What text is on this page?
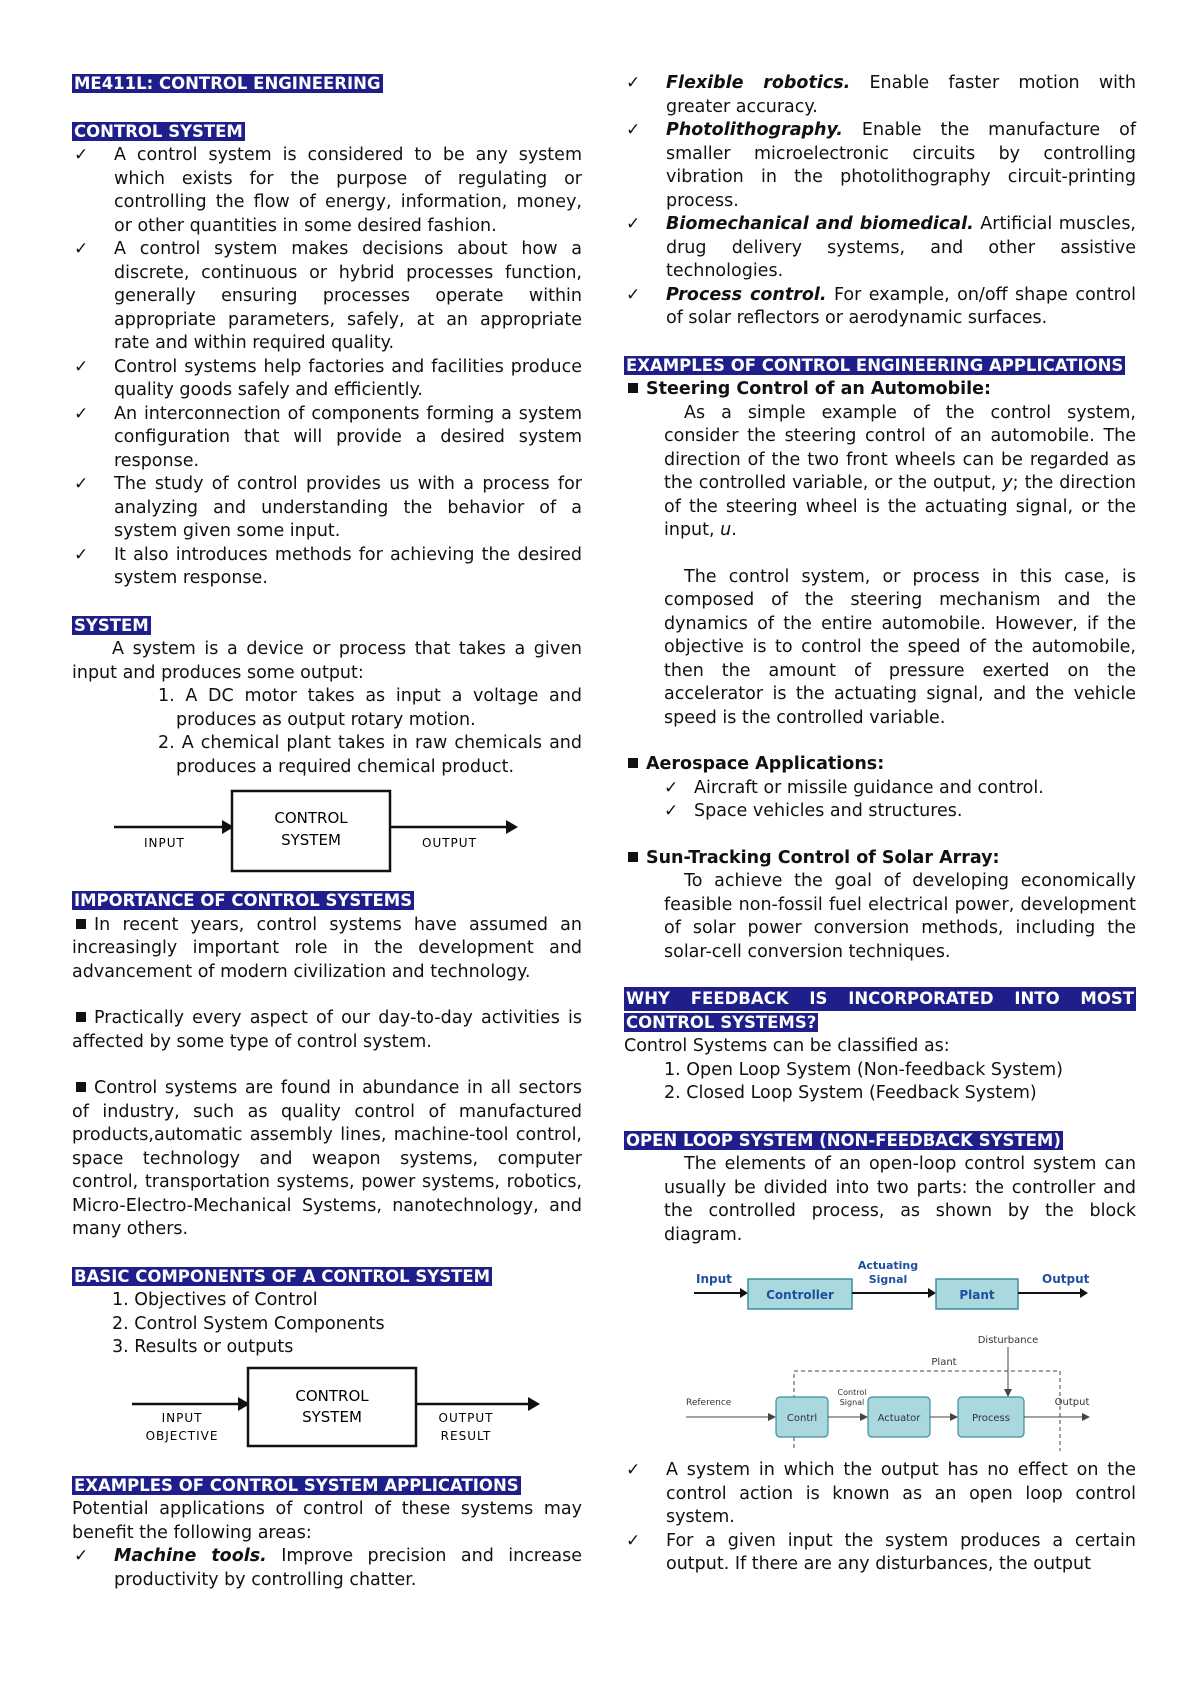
ME411L: CONTROL ENGINEERING
CONTROL SYSTEM
✓ A control system is considered to be any system which exists for the purpose of regulating or controlling the flow of energy, information, money, or other quantities in some desired fashion.
✓ A control system makes decisions about how a discrete, continuous or hybrid processes function, generally ensuring processes operate within appropriate parameters, safely, at an appropriate rate and within required quality.
✓ Control systems help factories and facilities produce quality goods safely and efficiently.
✓ An interconnection of components forming a system configuration that will provide a desired system response.
✓ The study of control provides us with a process for analyzing and understanding the behavior of a system given some input.
✓ It also introduces methods for achieving the desired system response.
SYSTEM

A system is a device or process that takes a given input and produces some output:

1. A DC motor takes as input a voltage and produces as output rotary motion.
2. A chemical plant takes in raw chemicals and produces a required chemical product.
INPUT
CONTROL
SYSTEM	OUTPUT
IMPORTANCE OF CONTROL SYSTEMS

In recent years, control systems have assumed an increasingly important role in the development and advancement of modern civilization and technology.

Practically every aspect of our day-to-day activities is affected by some type of control system.

Control systems are found in abundance in all sectors of industry, such as quality control of manufactured products,automatic assembly lines, machine-tool control, space technology and weapon systems, computer control, transportation systems, power systems, robotics, Micro-Electro-Mechanical Systems, nanotechnology, and many others.

BASIC COMPONENTS OF A CONTROL SYSTEM
1. Objectives of Control
2. Control System Components
3. Results or outputs
INPUT
OBJECTIVE
CONTROL
SYSTEM	OUTPUT
RESULT
EXAMPLES OF CONTROL SYSTEM APPLICATIONS

Potential applications of control of these systems may benefit the following areas:

✓ Machine tools. Improve precision and increase productivity by controlling chatter.
✓ Flexible robotics. Enable faster motion with greater accuracy.
✓ Photolithography. Enable the manufacture of smaller microelectronic circuits by controlling vibration in the photolithography circuit-printing process.
✓ Biomechanical and biomedical. Artificial muscles, drug delivery systems, and other assistive technologies.
✓ Process control. For example, on/off shape control of solar reflectors or aerodynamic surfaces.
EXAMPLES OF CONTROL ENGINEERING APPLICATIONS

Steering Control of an Automobile:

As a simple example of the control system, consider the steering control of an automobile. The direction of the two front wheels can be regarded as the controlled variable, or the output, y; the direction of the steering wheel is the actuating signal, or the input, u.

The control system, or process in this case, is composed of the steering mechanism and the dynamics of the entire automobile. However, if the objective is to control the speed of the automobile, then the amount of pressure exerted on the accelerator is the actuating signal, and the vehicle speed is the controlled variable.

Aerospace Applications:

✓ Aircraft or missile guidance and control.
✓ Space vehicles and structures.

Sun-Tracking Control of Solar Array:

To achieve the goal of developing economically feasible non-fossil fuel electrical power, development of solar power conversion methods, including the solar-cell conversion techniques.

WHY FEEDBACK IS INCORPORATED INTO MOST
CONTROL SYSTEMS?

Control Systems can be classified as:

1. Open Loop System (Non-feedback System)
2. Closed Loop System (Feedback System)
OPEN LOOP SYSTEM (NON-FEEDBACK SYSTEM)

The elements of an open-loop control system can usually be divided into two parts: the controller and the controlled process, as shown by the block diagram.

Actuating
Signal
Input	Output
Controller	Plant
Disturbance
Plant
Reference
Contrl
Control
Signal
Actuator	Process
Output
✓ A system in which the output has no effect on the control action is known as an open loop control system.
✓ For a given input the system produces a certain output. If there are any disturbances, the output
